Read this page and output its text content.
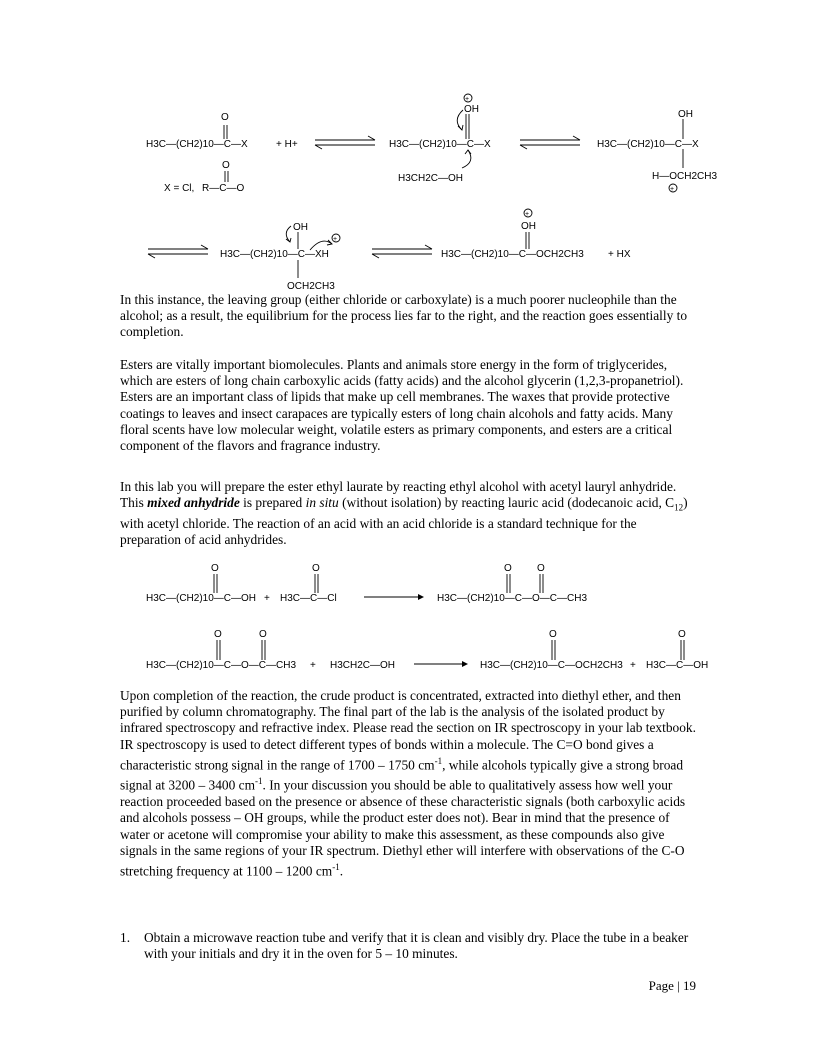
H3C—(CH2)10—C—X
O
+ H+
X = Cl, R—C—O
O
H3C—(CH2)10—C—X
OH
+
H3CH2C—OH
H3C—(CH2)10—C—X
OH
H—OCH2CH3
+
H3C—(CH2)10—C—XH
OH
+
OCH2CH3
H3C—(CH2)10—C—OCH2CH3
OH
+
+ HX

In this instance, the leaving group (either chloride or carboxylate) is a much poorer nucleophile than the alcohol; as a result, the equilibrium for the process lies far to the right, and the reaction goes essentially to completion.

Esters are vitally important biomolecules. Plants and animals store energy in the form of triglycerides, which are esters of long chain carboxylic acids (fatty acids) and the alcohol glycerin (1,2,3-propanetriol). Esters are an important class of lipids that make up cell membranes. The waxes that provide protective coatings to leaves and insect carapaces are typically esters of long chain alcohols and fatty acids. Many floral scents have low molecular weight, volatile esters as primary components, and esters are a critical component of the flavors and fragrance industry.

In this lab you will prepare the ester ethyl laurate by reacting ethyl alcohol with acetyl lauryl anhydride. This mixed anhydride is prepared in situ (without isolation) by reacting lauric acid (dodecanoic acid, $C_{12}$) with acetyl chloride. The reaction of an acid with an acid chloride is a standard technique for the preparation of acid anhydrides.

H3C—(CH2)10—C—OH
O
+ H3C—C—Cl
O
H3C—(CH2)10—C—O—C—CH3
O	O
H3C—(CH2)10—C—O—C—CH3
O	O
+ H3CH2C—OH	H3C—(CH2)10—C—OCH2CH3
O
+ H3C—C—OH
O

Upon completion of the reaction, the crude product is concentrated, extracted into diethyl ether, and then purified by column chromatography. The final part of the lab is the analysis of the isolated product by infrared spectroscopy and refractive index. Please read the section on IR spectroscopy in your lab textbook. IR spectroscopy is used to detect different types of bonds within a molecule. The C=O bond gives a characteristic strong signal in the range of 1700 – 1750 $cm^{-1}$, while alcohols typically give a strong broad signal at 3200 – 3400 $cm^{-1}$. In your discussion you should be able to qualitatively assess how well your reaction proceeded based on the presence or absence of these characteristic signals (both carboxylic acids and alcohols possess – OH groups, while the product ester does not). Bear in mind that the presence of water or acetone will compromise your ability to make this assessment, as these compounds also give signals in the same regions of your IR spectrum. Diethyl ether will interfere with observations of the C-O stretching frequency at 1100 – 1200 $cm^{-1}$.

1. Obtain a microwave reaction tube and verify that it is clean and visibly dry. Place the tube in a beaker with your initials and dry it in the oven for 5 – 10 minutes.
Page | 19
